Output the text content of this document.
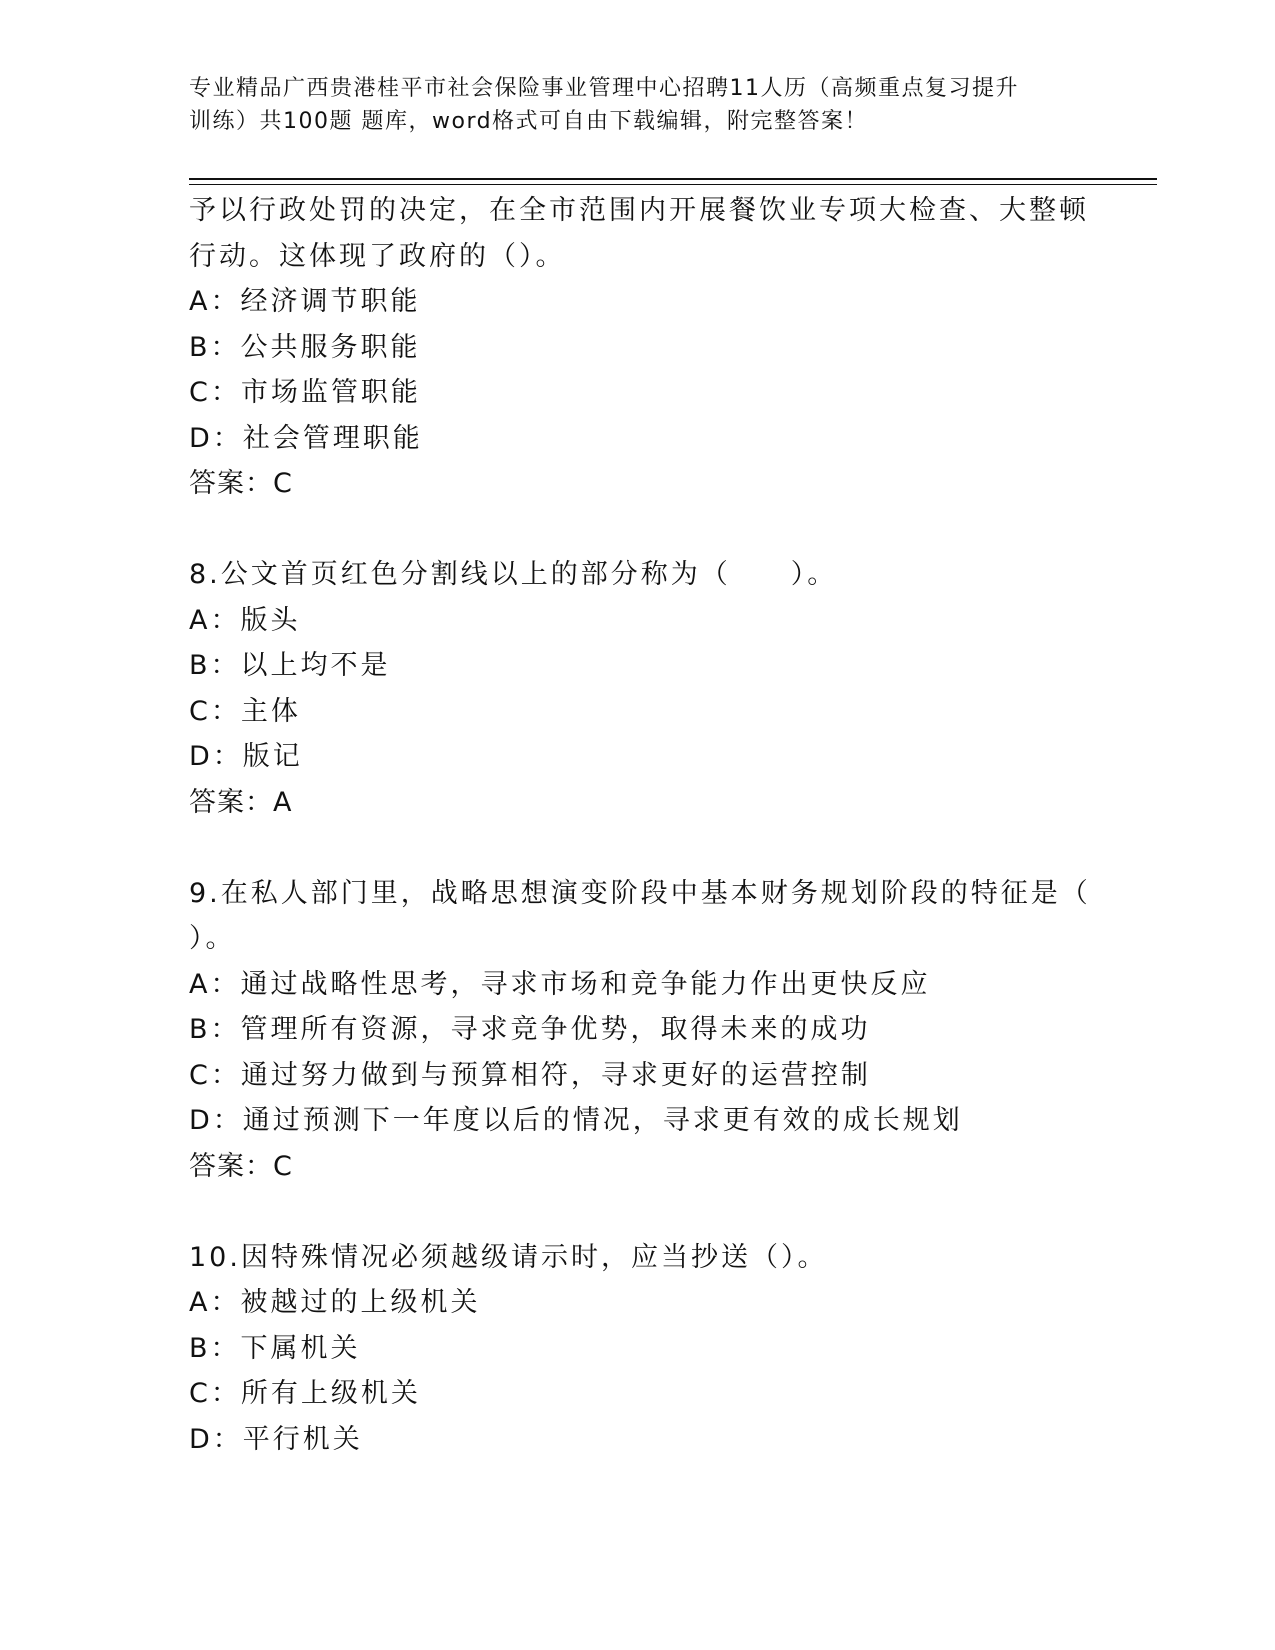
专业精品广西贵港桂平市社会保险事业管理中心招聘11人历（高频重点复习提升
训练）共100题 题库，word格式可自由下载编辑，附完整答案！
予以行政处罚的决定，在全市范围内开展餐饮业专项大检查、大整顿
行动。这体现了政府的（）。
A：经济调节职能
B：公共服务职能
C：市场监管职能
D：社会管理职能
答案：C
8.公文首页红色分割线以上的部分称为（　　）。
A：版头
B：以上均不是
C：主体
D：版记
答案：A
9.在私人部门里，战略思想演变阶段中基本财务规划阶段的特征是（
）。
A：通过战略性思考，寻求市场和竞争能力作出更快反应
B：管理所有资源，寻求竞争优势，取得未来的成功
C：通过努力做到与预算相符，寻求更好的运营控制
D：通过预测下一年度以后的情况，寻求更有效的成长规划
答案：C
10.因特殊情况必须越级请示时，应当抄送（）。
A：被越过的上级机关
B：下属机关
C：所有上级机关
D：平行机关
